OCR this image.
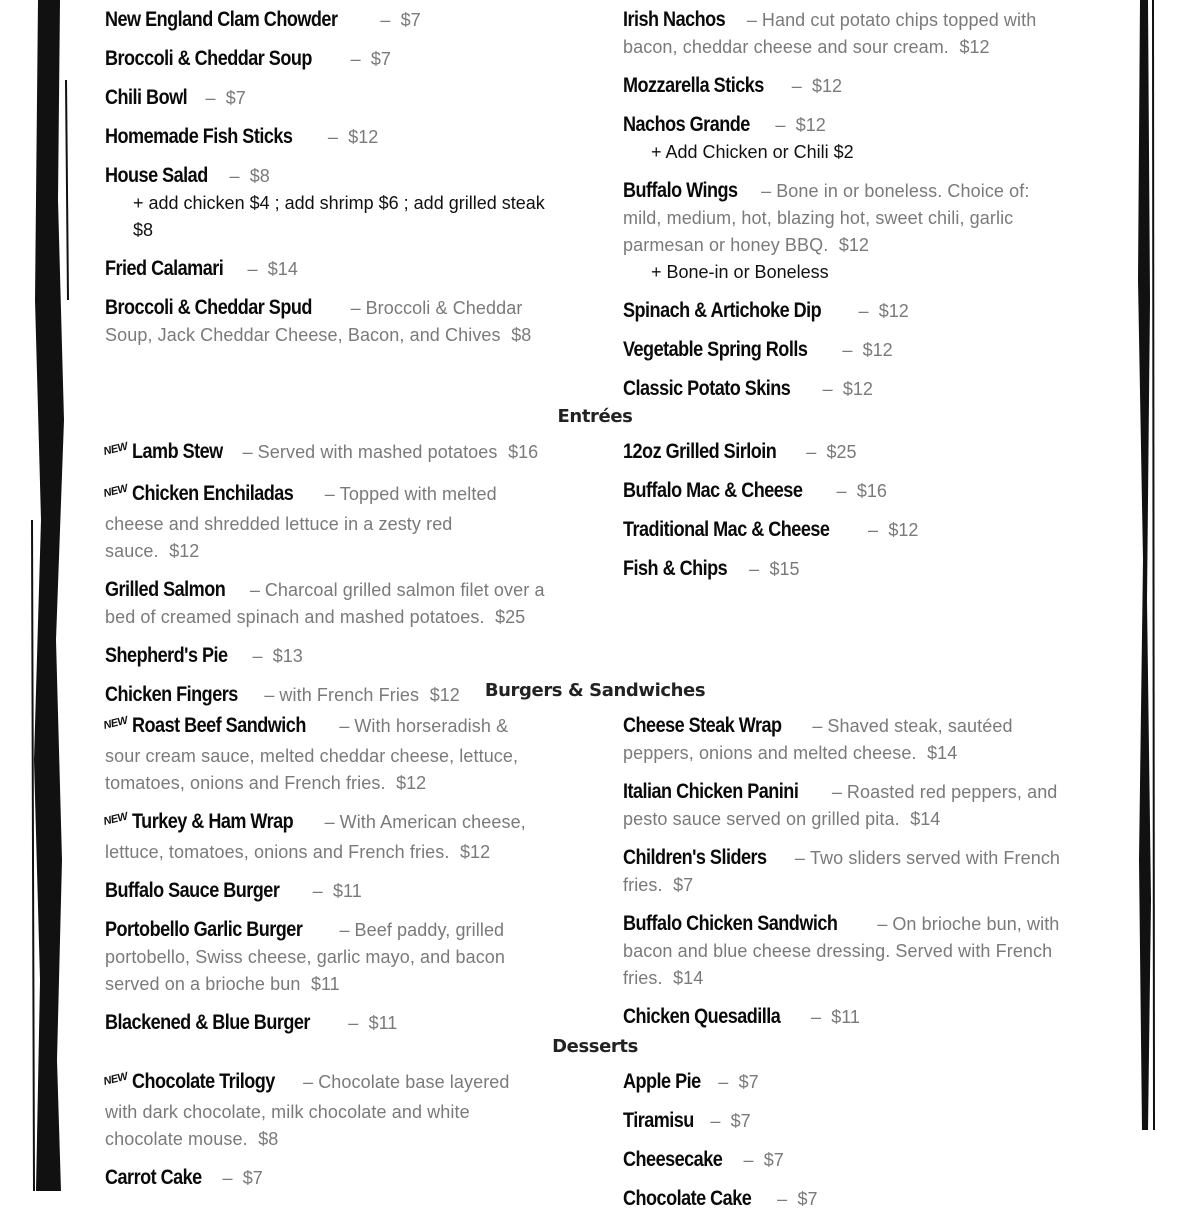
New England Clam Chowder –  $7
Broccoli & Cheddar Soup –  $7
Chili Bowl –  $7
Homemade Fish Sticks –  $12
House Salad –  $8
+ add chicken $4 ; add shrimp $6 ; add grilled steak $8
Fried Calamari –  $14
Broccoli & Cheddar Spud – Broccoli & Cheddar Soup, Jack Cheddar Cheese, Bacon, and Chives $8
Irish Nachos – Hand cut potato chips topped with bacon, cheddar cheese and sour cream. $12
Mozzarella Sticks –  $12
Nachos Grande –  $12
+ Add Chicken or Chili $2
Buffalo Wings – Bone in or boneless. Choice of: mild, medium, hot, blazing hot, sweet chili, garlic parmesan or honey BBQ. $12
+ Bone-in or Boneless
Spinach & Artichoke Dip –  $12
Vegetable Spring Rolls –  $12
Classic Potato Skins –  $12
Entrées
NEW Lamb Stew – Served with mashed potatoes $16
NEW Chicken Enchiladas – Topped with melted cheese and shredded lettuce in a zesty red sauce. $12
Grilled Salmon – Charcoal grilled salmon filet over a bed of creamed spinach and mashed potatoes. $25
Shepherd's Pie –  $13
Chicken Fingers – with French Fries $12
12oz Grilled Sirloin –  $25
Buffalo Mac & Cheese –  $16
Traditional Mac & Cheese –  $12
Fish & Chips –  $15
Burgers & Sandwiches
NEW Roast Beef Sandwich – With horseradish & sour cream sauce, melted cheddar cheese, lettuce, tomatoes, onions and French fries. $12
NEW Turkey & Ham Wrap – With American cheese, lettuce, tomatoes, onions and French fries. $12
Buffalo Sauce Burger –  $11
Portobello Garlic Burger – Beef paddy, grilled portobello, Swiss cheese, garlic mayo, and bacon served on a brioche bun $11
Blackened & Blue Burger –  $11
Cheese Steak Wrap – Shaved steak, sautéed peppers, onions and melted cheese. $14
Italian Chicken Panini – Roasted red peppers, and pesto sauce served on grilled pita. $14
Children's Sliders – Two sliders served with French fries. $7
Buffalo Chicken Sandwich – On brioche bun, with bacon and blue cheese dressing. Served with French fries. $14
Chicken Quesadilla –  $11
Desserts
NEW Chocolate Trilogy – Chocolate base layered with dark chocolate, milk chocolate and white chocolate mouse. $8
Carrot Cake –  $7
Apple Pie –  $7
Tiramisu –  $7
Cheesecake –  $7
Chocolate Cake –  $7
